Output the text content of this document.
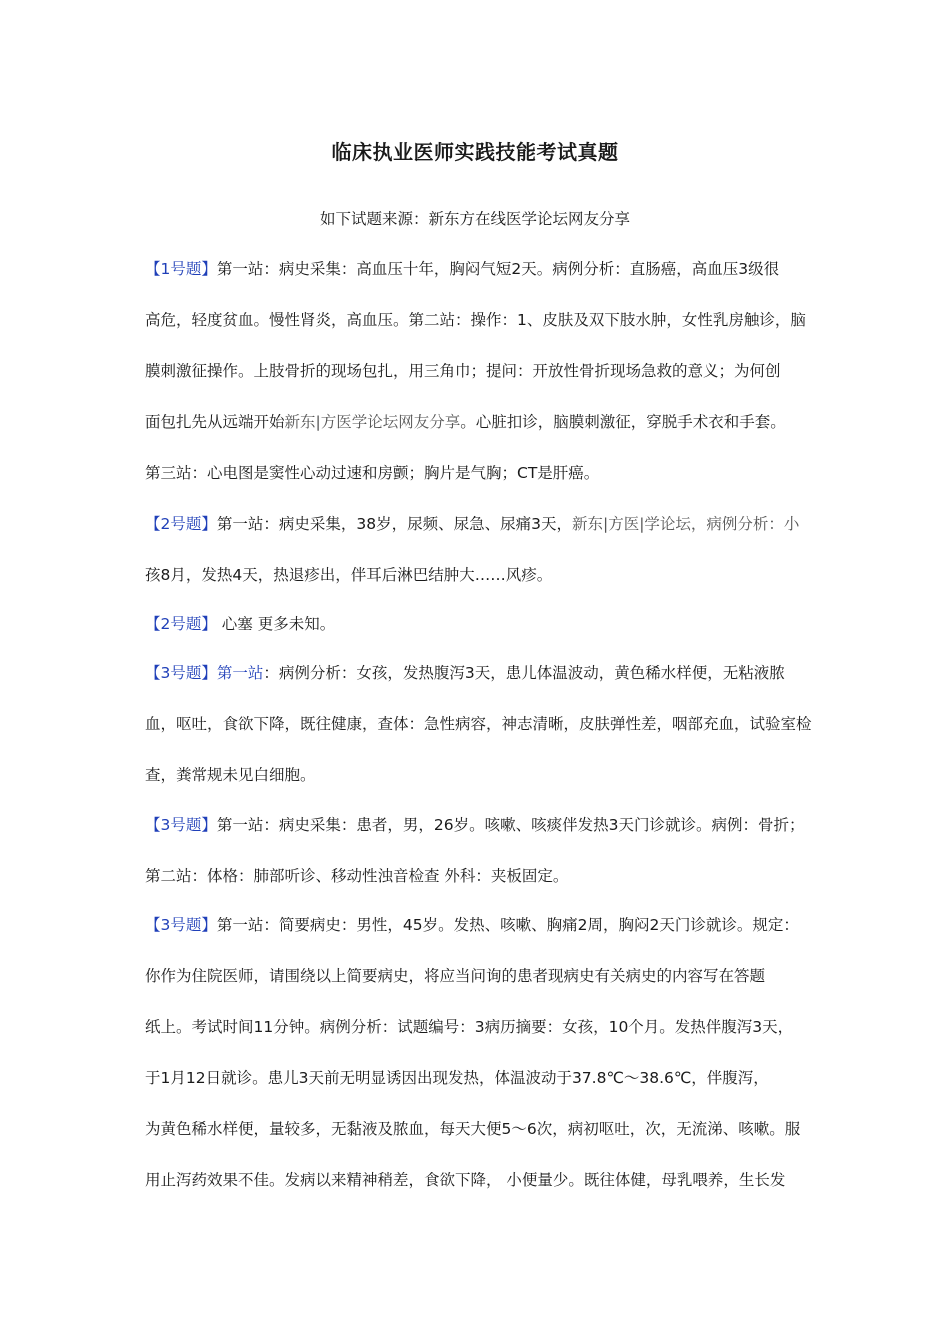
临床执业医师实践技能考试真题
如下试题来源：新东方在线医学论坛网友分享
【1号题】第一站：病史采集：高血压十年，胸闷气短2天。病例分析：直肠癌，高血压3级很
高危，轻度贫血。慢性肾炎，高血压。第二站：操作：1、皮肤及双下肢水肿，女性乳房触诊，脑
膜刺激征操作。上肢骨折的现场包扎，用三角巾；提问：开放性骨折现场急救的意义；为何创
面包扎先从远端开始新东|方医学论坛网友分享。心脏扣诊，脑膜刺激征，穿脱手术衣和手套。
第三站：心电图是窦性心动过速和房颤；胸片是气胸；CT是肝癌。
【2号题】第一站：病史采集，38岁，尿频、尿急、尿痛3天，新东|方医|学论坛，病例分析：小
孩8月，发热4天，热退疹出，伴耳后淋巴结肿大……风疹。
【2号题】 心塞 更多未知。
【3号题】第一站：病例分析：女孩，发热腹泻3天，患儿体温波动，黄色稀水样便，无粘液脓
血，呕吐，食欲下降，既往健康，查体：急性病容，神志清晰，皮肤弹性差，咽部充血，试验室检
查，粪常规未见白细胞。
【3号题】第一站：病史采集：患者，男，26岁。咳嗽、咳痰伴发热3天门诊就诊。病例：骨折；
第二站：体格：肺部听诊、移动性浊音检查 外科：夹板固定。
【3号题】第一站：简要病史：男性，45岁。发热、咳嗽、胸痛2周，胸闷2天门诊就诊。规定：
你作为住院医师，请围绕以上简要病史，将应当问询的患者现病史有关病史的内容写在答题
纸上。考试时间11分钟。病例分析：试题编号：3病历摘要：女孩，10个月。发热伴腹泻3天，
于1月12日就诊。患儿3天前无明显诱因出现发热，体温波动于37.8℃～38.6℃，伴腹泻，
为黄色稀水样便，量较多，无黏液及脓血，每天大便5～6次，病初呕吐，次，无流涕、咳嗽。服
用止泻药效果不佳。发病以来精神稍差，食欲下降， 小便量少。既往体健，母乳喂养，生长发
